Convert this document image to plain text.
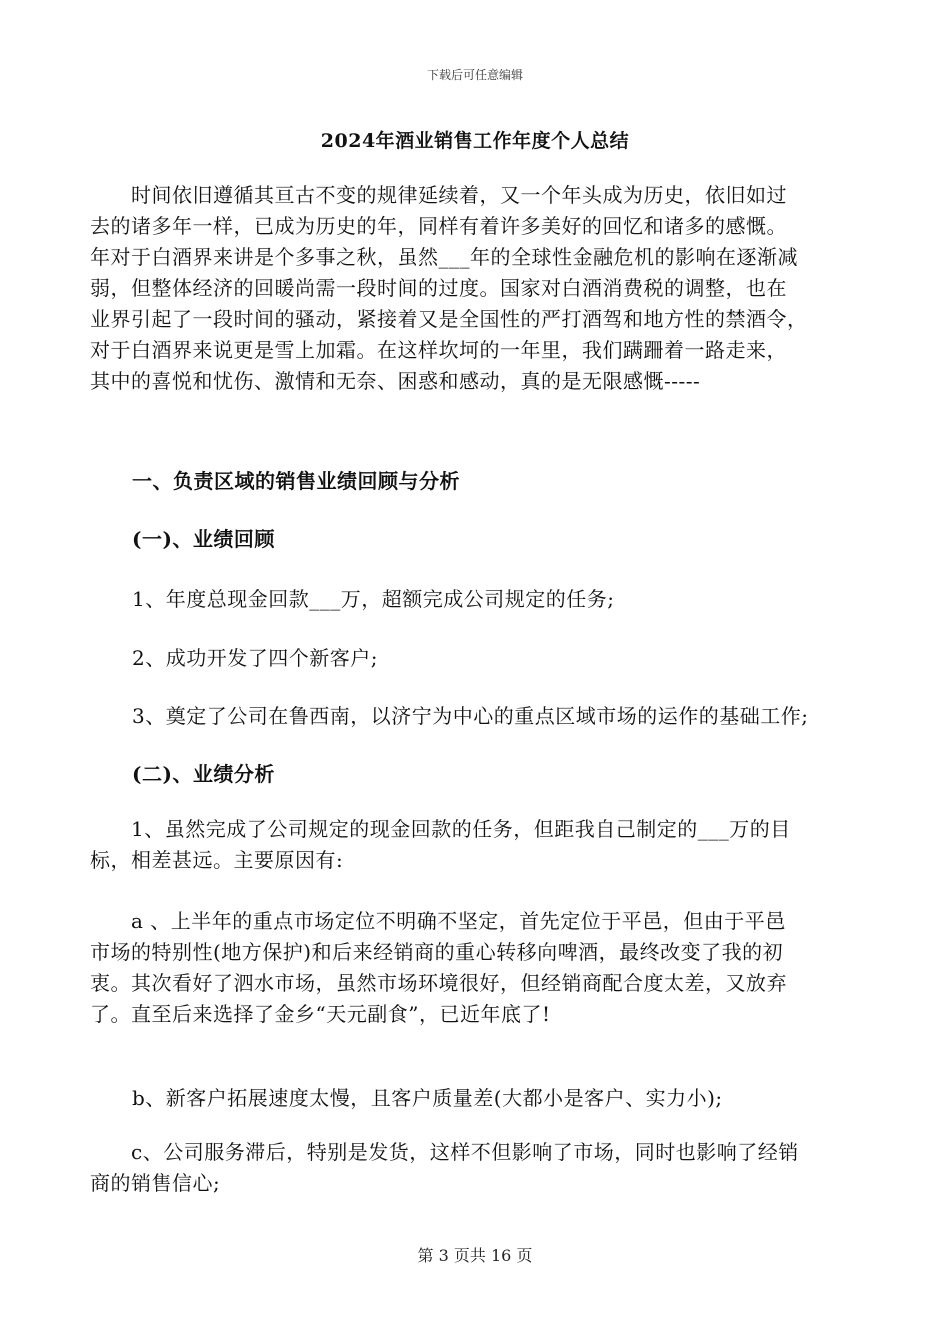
下载后可任意编辑
2024年酒业销售工作年度个人总结
时间依旧遵循其亘古不变的规律延续着，又一个年头成为历史，依旧如过
去的诸多年一样，已成为历史的年，同样有着许多美好的回忆和诸多的感慨。
年对于白酒界来讲是个多事之秋，虽然___年的全球性金融危机的影响在逐渐减
弱，但整体经济的回暖尚需一段时间的过度。国家对白酒消费税的调整，也在
业界引起了一段时间的骚动，紧接着又是全国性的严打酒驾和地方性的禁酒令，
对于白酒界来说更是雪上加霜。在这样坎坷的一年里，我们蹒跚着一路走来，
其中的喜悦和忧伤、激情和无奈、困惑和感动，真的是无限感慨-----
一、负责区域的销售业绩回顾与分析
(一)、业绩回顾
1、年度总现金回款___万，超额完成公司规定的任务;
2、成功开发了四个新客户;
3、奠定了公司在鲁西南，以济宁为中心的重点区域市场的运作的基础工作;
(二)、业绩分析
1、虽然完成了公司规定的现金回款的任务，但距我自己制定的___万的目
标，相差甚远。主要原因有:
a 、上半年的重点市场定位不明确不坚定，首先定位于平邑，但由于平邑
市场的特别性(地方保护)和后来经销商的重心转移向啤酒，最终改变了我的初
衷。其次看好了泗水市场，虽然市场环境很好，但经销商配合度太差，又放弃
了。直至后来选择了金乡“天元副食”，已近年底了!
b、新客户拓展速度太慢，且客户质量差(大都小是客户、实力小);
c、公司服务滞后，特别是发货，这样不但影响了市场，同时也影响了经销
商的销售信心;
第 3 页共 16 页
